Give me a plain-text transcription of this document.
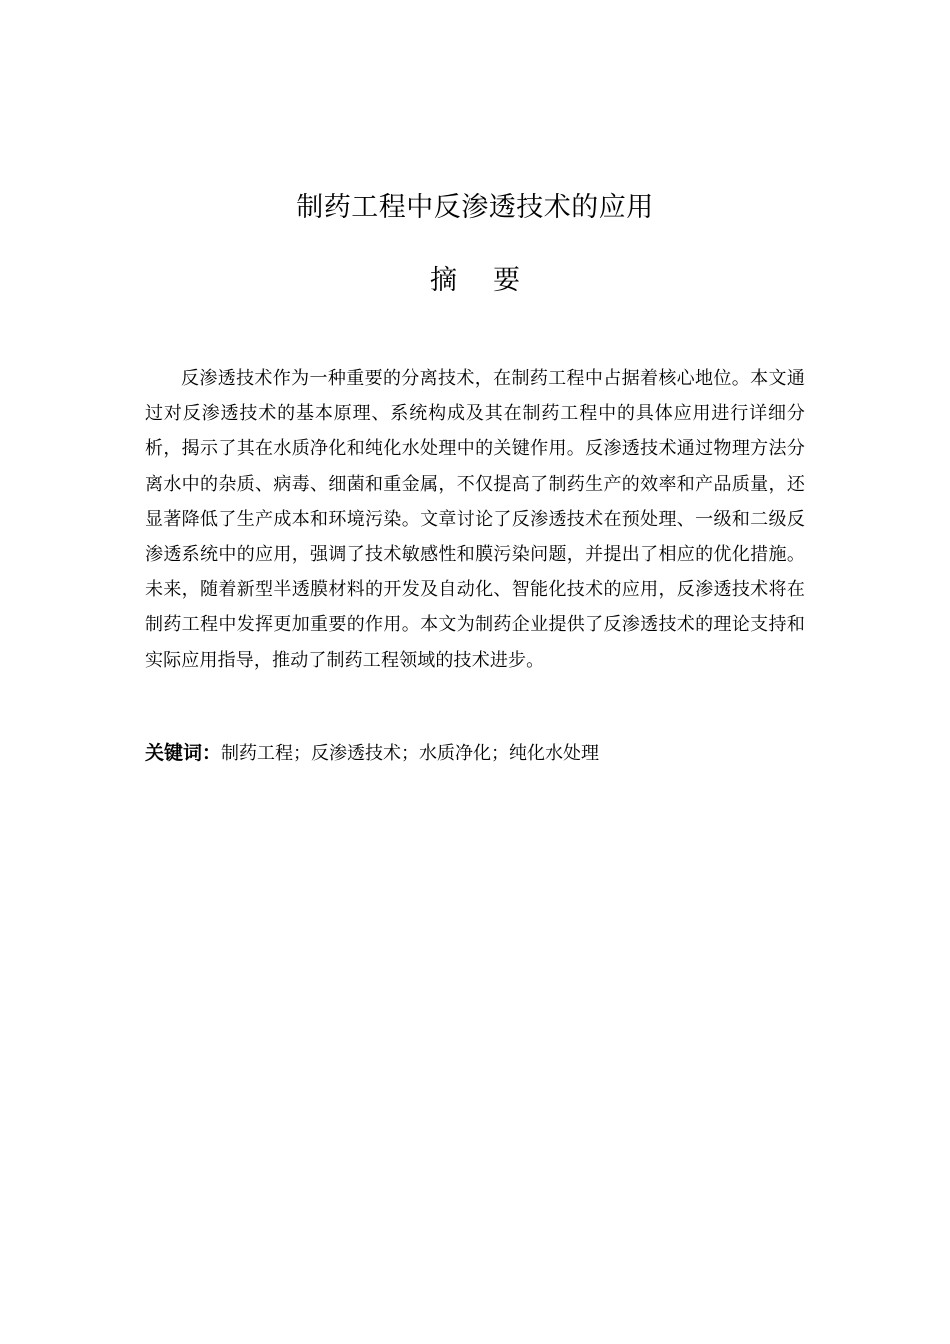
制药工程中反渗透技术的应用
摘要

反渗透技术作为一种重要的分离技术，在制药工程中占据着核心地位。本文通过对反渗透技术的基本原理、系统构成及其在制药工程中的具体应用进行详细分析，揭示了其在水质净化和纯化水处理中的关键作用。反渗透技术通过物理方法分离水中的杂质、病毒、细菌和重金属，不仅提高了制药生产的效率和产品质量，还显著降低了生产成本和环境污染。文章讨论了反渗透技术在预处理、一级和二级反渗透系统中的应用，强调了技术敏感性和膜污染问题，并提出了相应的优化措施。未来，随着新型半透膜材料的开发及自动化、智能化技术的应用，反渗透技术将在制药工程中发挥更加重要的作用。本文为制药企业提供了反渗透技术的理论支持和实际应用指导，推动了制药工程领域的技术进步。

关键词：制药工程；反渗透技术；水质净化；纯化水处理
